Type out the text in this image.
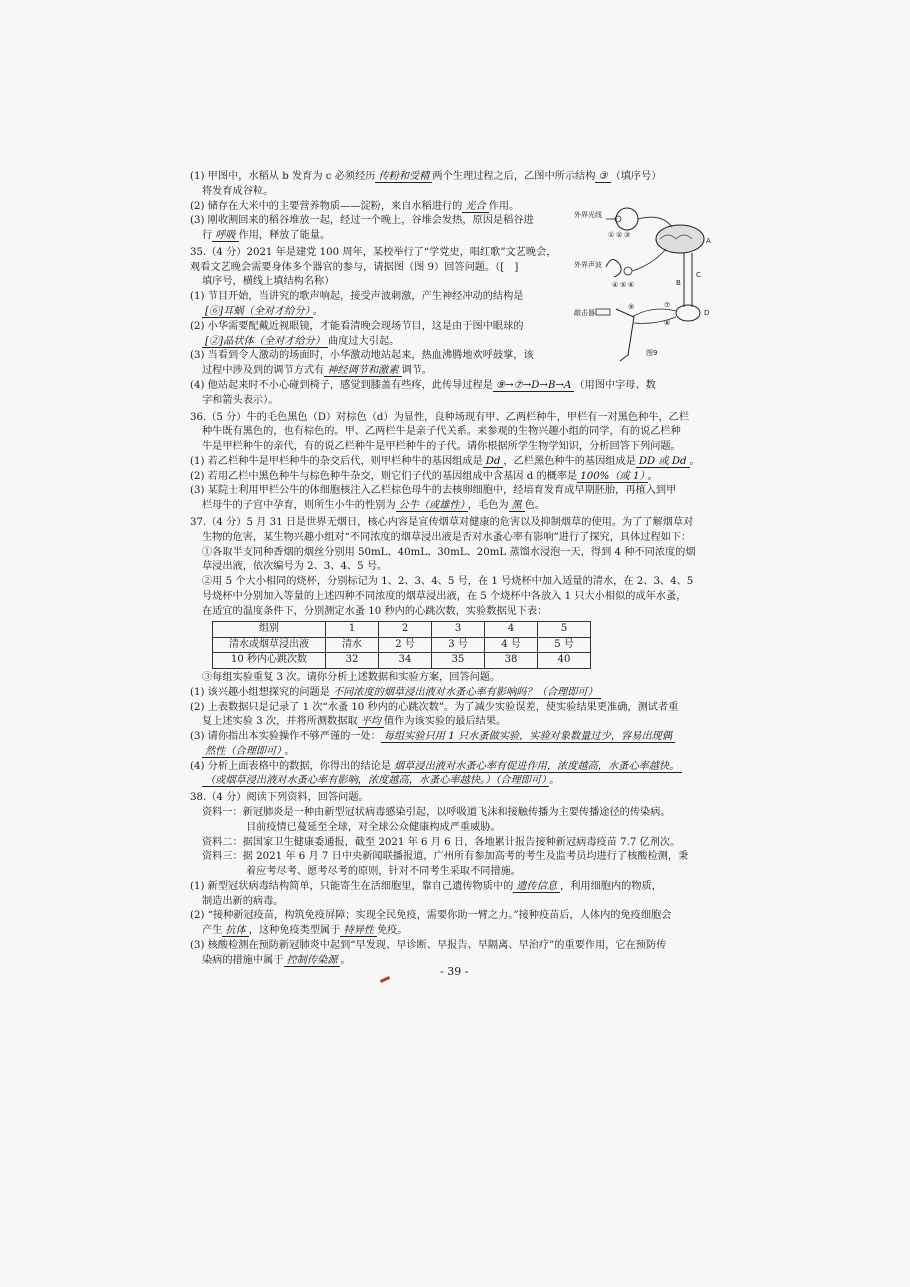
(1) 甲图中，水稻从 b 发育为 c 必须经历 传粉和受精 两个生理过程之后，乙图中所示结构 ③ （填序号）
将发育成谷粒。
(2) 储存在大米中的主要营养物质——淀粉，来自水稻进行的 光合 作用。
(3) 刚收割回来的稻谷堆放一起，经过一个晚上，谷堆会发热，原因是稻谷进
行 呼吸 作用，释放了能量。
35.（4 分）2021 年是建党 100 周年，某校举行了“学党史，唱红歌”文艺晚会，
观看文艺晚会需要身体多个器官的参与，请据图（图 9）回答问题。（[　]
填序号，横线上填结构名称）
(1) 节目开始，当讲究的歌声响起，接受声波刺激，产生神经冲动的结构是
[⑥]耳蜗（全对才给分） 。
(2) 小华需要配戴近视眼镜，才能看清晚会现场节目，这是由于图中眼球的
[②]晶状体（全对才给分） 曲度过大引起。
(3) 当看到令人激动的场面时，小华激动地站起来，热血沸腾地欢呼鼓掌，该
过程中涉及到的调节方式有 神经调节和激素 调节。
(4) 他站起来时不小心碰到椅子，感觉到膝盖有些疼，此传导过程是 ⑨→⑦→D→B→A （用图中字母、数
字和箭头表示）。
36.（5 分）牛的毛色黑色（D）对棕色（d）为显性，良种场现有甲、乙两栏种牛，甲栏有一对黑色种牛，乙栏
种牛既有黑色的，也有棕色的。甲、乙两栏牛是亲子代关系。来参观的生物兴趣小组的同学，有的说乙栏种
牛是甲栏种牛的亲代，有的说乙栏种牛是甲栏种牛的子代。请你根据所学生物学知识，分析回答下列问题。
(1) 若乙栏种牛是甲栏种牛的杂交后代，则甲栏种牛的基因组成是 Dd ，乙栏黑色种牛的基因组成是 DD 或 Dd 。
(2) 若用乙栏中黑色种牛与棕色种牛杂交，则它们子代的基因组成中含基因 d 的概率是 100%（或 1） 。
(3) 某院士利用甲栏公牛的体细胞核注入乙栏棕色母牛的去核卵细胞中，经培育发育成早期胚胎，再植入到甲
栏母牛的子宫中孕育，则所生小牛的性别为 公牛（或雄性） ，毛色为 黑 色。
37.（4 分）5 月 31 日是世界无烟日，核心内容是宣传烟草对健康的危害以及抑制烟草的使用。为了了解烟草对
生物的危害，某生物兴趣小组对“不同浓度的烟草浸出液是否对水蚤心率有影响”进行了探究，具体过程如下：
①各取半支同种香烟的烟丝分别用 50mL、40mL、30mL、20mL 蒸馏水浸泡一天，得到 4 种不同浓度的烟
草浸出液，依次编号为 2、3、4、5 号。
②用 5 个大小相同的烧杯，分别标记为 1、2、3、4、5 号，在 1 号烧杯中加入适量的清水，在 2、3、4、5
号烧杯中分别加入等量的上述四种不同浓度的烟草浸出液，在 5 个烧杯中各放入 1 只大小相似的成年水蚤，
在适宜的温度条件下，分别测定水蚤 10 秒内的心跳次数，实验数据见下表：
组别	1	2	3	4	5
清水或烟草浸出液	清水	2 号	3 号	4 号	5 号
10 秒内心跳次数	32	34	35	38	40
③每组实验重复 3 次。请你分析上述数据和实验方案，回答问题。
(1) 该兴趣小组想探究的问题是 不同浓度的烟草浸出液对水蚤心率有影响吗？（合理即可）
(2) 上表数据只是记录了 1 次“水蚤 10 秒内的心跳次数”。为了减少实验误差，使实验结果更准确，测试者重
复上述实验 3 次，并将所测数据取 平均 值作为该实验的最后结果。
(3) 请你指出本实验操作不够严谨的一处： 每组实验只用 1 只水蚤做实验，实验对象数量过少，容易出现偶
然性（合理即可） 。
(4) 分析上面表格中的数据，你得出的结论是 烟草浸出液对水蚤心率有促进作用，浓度越高，水蚤心率越快。
（或烟草浸出液对水蚤心率有影响，浓度越高，水蚤心率越快。）（合理即可） 。
38.（4 分）阅读下列资料，回答问题。
资料一：新冠肺炎是一种由新型冠状病毒感染引起，以呼吸道飞沫和接触传播为主要传播途径的传染病。
目前疫情已蔓延至全球，对全球公众健康构成严重威胁。
资料二：据国家卫生健康委通报，截至 2021 年 6 月 6 日，各地累计报告接种新冠病毒疫苗 7.7 亿剂次。
资料三：据 2021 年 6 月 7 日中央新闻联播报道，广州所有参加高考的考生及监考员均进行了核酸检测，秉
着应考尽考、愿考尽考的原则，针对不同考生采取不同措施。
(1) 新型冠状病毒结构简单，只能寄生在活细胞里，靠自己遗传物质中的 遗传信息 ，利用细胞内的物质，
制造出新的病毒。
(2) “接种新冠疫苗，构筑免疫屏障；实现全民免疫，需要你助一臂之力。”接种疫苗后，人体内的免疫细胞会
产生 抗体 ，这种免疫类型属于 特异性 免疫。
(3) 核酸检测在预防新冠肺炎中起到“早发现、早诊断、早报告、早隔离、早治疗”的重要作用，它在预防传
染病的措施中属于 控制传染源 。
外界光线
外界声波
敲击器
① ② ③
A
④ ⑤ ⑥	B
C
D
⑦
⑧
⑨
图9
- 39 -
